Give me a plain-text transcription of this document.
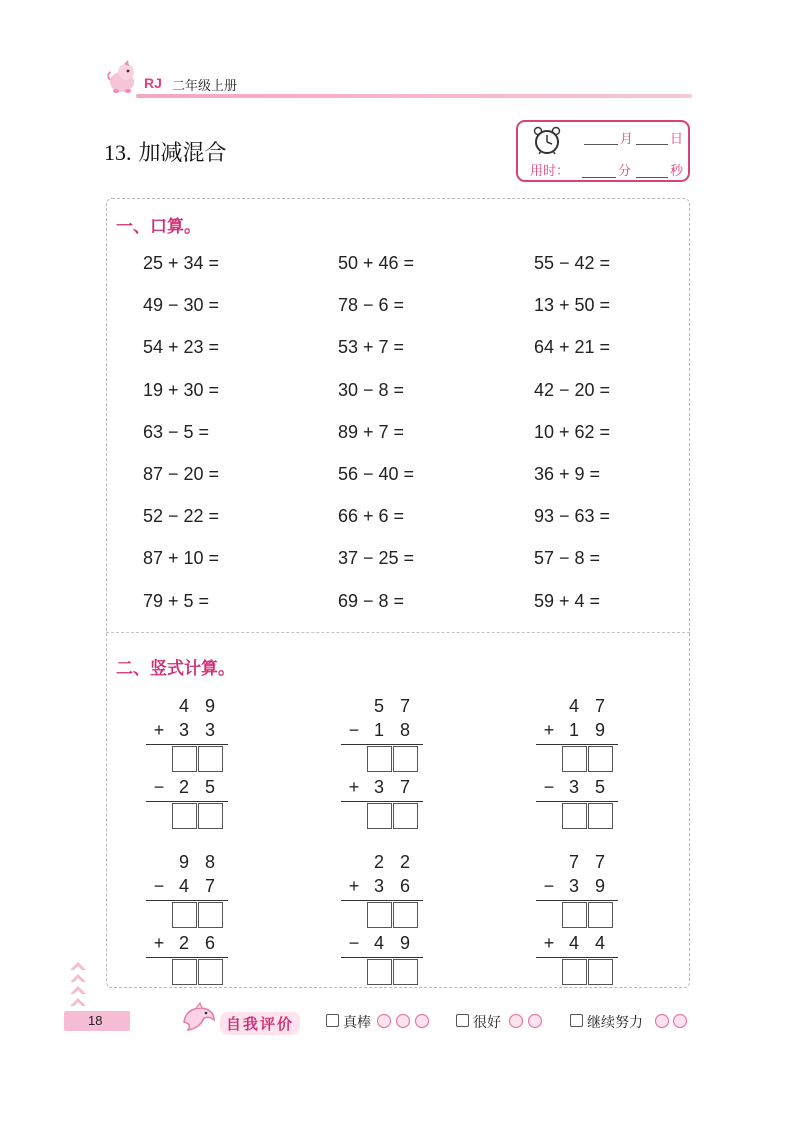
RJ 二年级上册
13. 加减混合
月	日
用时：	分	秒
一、口算。
25 + 34 =	50 + 46 =	55 − 42 =
49 − 30 =	78 − 6 =	13 + 50 =
54 + 23 =	53 + 7 =	64 + 21 =
19 + 30 =	30 − 8 =	42 − 20 =
63 − 5 =	89 + 7 =	10 + 62 =
87 − 20 =	56 − 40 =	36 + 9 =
52 − 22 =	66 + 6 =	93 − 63 =
87 + 10 =	37 − 25 =	57 − 8 =
79 + 5 =	69 − 8 =	59 + 4 =
二、竖式计算。
4 9
+ 3 3
− 2 5
5 7
− 1 8
+ 3 7
4 7
+ 1 9
− 3 5
9 8
− 4 7
+ 2 6
2 2
+ 3 6
− 4 9
7 7
− 3 9
+ 4 4
18	自我评价	真棒	很好	继续努力
